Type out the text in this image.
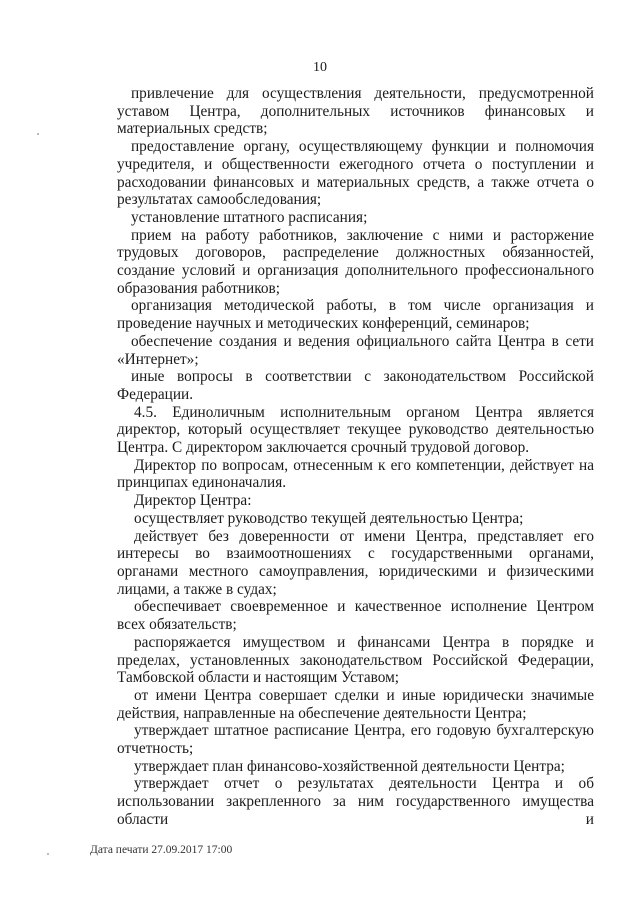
10

привлечение для осуществления деятельности, предусмотренной уставом Центра, дополнительных источников финансовых и материальных средств;

предоставление органу, осуществляющему функции и полномочия учредителя, и общественности ежегодного отчета о поступлении и расходовании финансовых и материальных средств, а также отчета о результатах самообследования;

установление штатного расписания;

прием на работу работников, заключение с ними и расторжение трудовых договоров, распределение должностных обязанностей, создание условий и организация дополнительного профессионального образования работников;

организация методической работы, в том числе организация и проведение научных и методических конференций, семинаров;

обеспечение создания и ведения официального сайта Центра в сети «Интернет»;

иные вопросы в соответствии с законодательством Российской Федерации.

4.5. Единоличным исполнительным органом Центра является директор, который осуществляет текущее руководство деятельностью Центра. С директором заключается срочный трудовой договор.

Директор по вопросам, отнесенным к его компетенции, действует на принципах единоначалия.

Директор Центра:

осуществляет руководство текущей деятельностью Центра;

действует без доверенности от имени Центра, представляет его интересы во взаимоотношениях с государственными органами, органами местного самоуправления, юридическими и физическими лицами, а также в судах;

обеспечивает своевременное и качественное исполнение Центром всех обязательств;

распоряжается имуществом и финансами Центра в порядке и пределах, установленных законодательством Российской Федерации, Тамбовской области и настоящим Уставом;

от имени Центра совершает сделки и иные юридически значимые действия, направленные на обеспечение деятельности Центра;

утверждает штатное расписание Центра, его годовую бухгалтерскую отчетность;

утверждает план финансово-хозяйственной деятельности Центра;

утверждает отчет о результатах деятельности Центра и об использовании закрепленного за ним государственного имущества области и

Дата печати 27.09.2017 17:00
